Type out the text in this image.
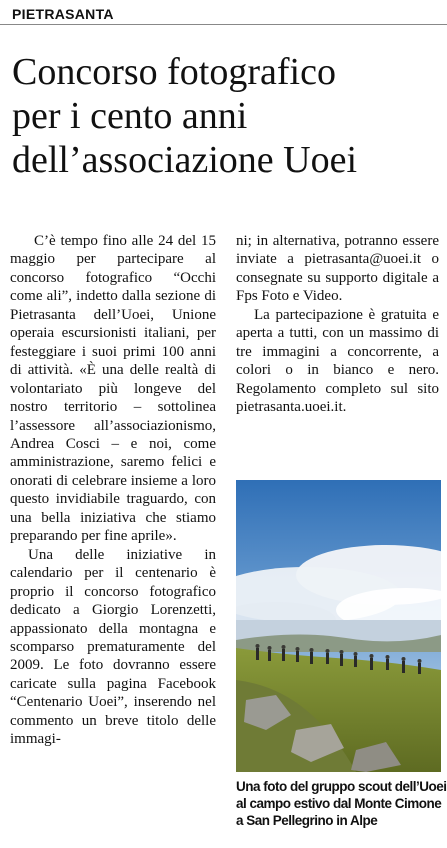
PIETRASANTA
Concorso fotografico
per i cento anni
dell’associazione Uoei

C’è tempo fino alle 24 del 15 maggio per partecipare al concorso fotografico “Occhi come ali”, indetto dalla sezione di Pietrasanta dell’Uoei, Unione operaia escursionisti italiani, per festeggiare i suoi primi 100 anni di attività. «È una delle realtà di volontariato più longeve del nostro territorio – sottolinea l’assessore all’associazionismo, Andrea Cosci – e noi, come amministrazione, saremo felici e onorati di celebrare insieme a loro questo invidiabile traguardo, con una bella iniziativa che stiamo preparando per fine aprile».

Una delle iniziative in calendario per il centenario è proprio il concorso fotografico dedicato a Giorgio Lorenzetti, appassionato della montagna e scomparso prematuramente del 2009. Le foto dovranno essere caricate sulla pagina Facebook “Centenario Uoei”, inserendo nel commento un breve titolo delle immagi-

ni; in alternativa, potranno essere inviate a pietrasanta@uoei.it o consegnate su supporto digitale a Fps Foto e Video.

La partecipazione è gratuita e aperta a tutti, con un massimo di tre immagini a concorrente, a colori o in bianco e nero. Regolamento completo sul sito pietrasanta.uoei.it.

Una foto del gruppo scout dell’Uoei
al campo estivo dal Monte Cimone
a San Pellegrino in Alpe
